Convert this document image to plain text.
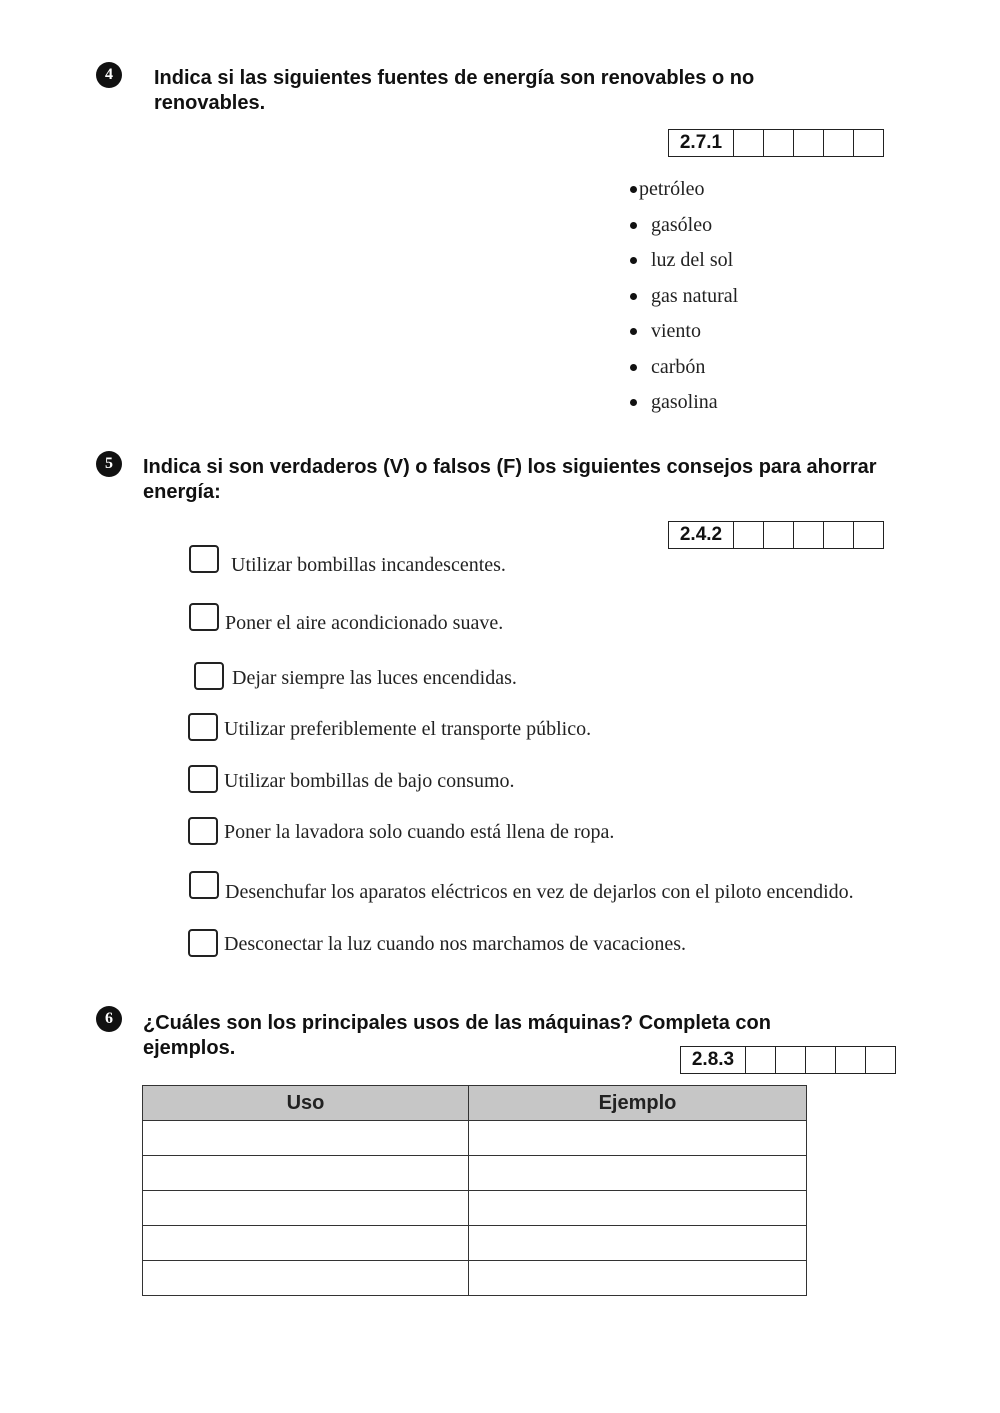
4	Indica si las siguientes fuentes de energía son renovables o no
renovables.
2.7.1
petróleo
gasóleo
luz del sol
gas natural
viento
carbón
gasolina
5	Indica si son verdaderos (V) o falsos (F) los siguientes consejos para ahorrar
energía:
2.4.2
Utilizar bombillas incandescentes.
Poner el aire acondicionado suave.
Dejar siempre las luces encendidas.
Utilizar preferiblemente el transporte público.
Utilizar bombillas de bajo consumo.
Poner la lavadora solo cuando está llena de ropa.
Desenchufar los aparatos eléctricos en vez de dejarlos con el piloto encendido.
Desconectar la luz cuando nos marchamos de vacaciones.
6	¿Cuáles son los principales usos de las máquinas? Completa con
ejemplos.
2.8.3
Uso	Ejemplo
